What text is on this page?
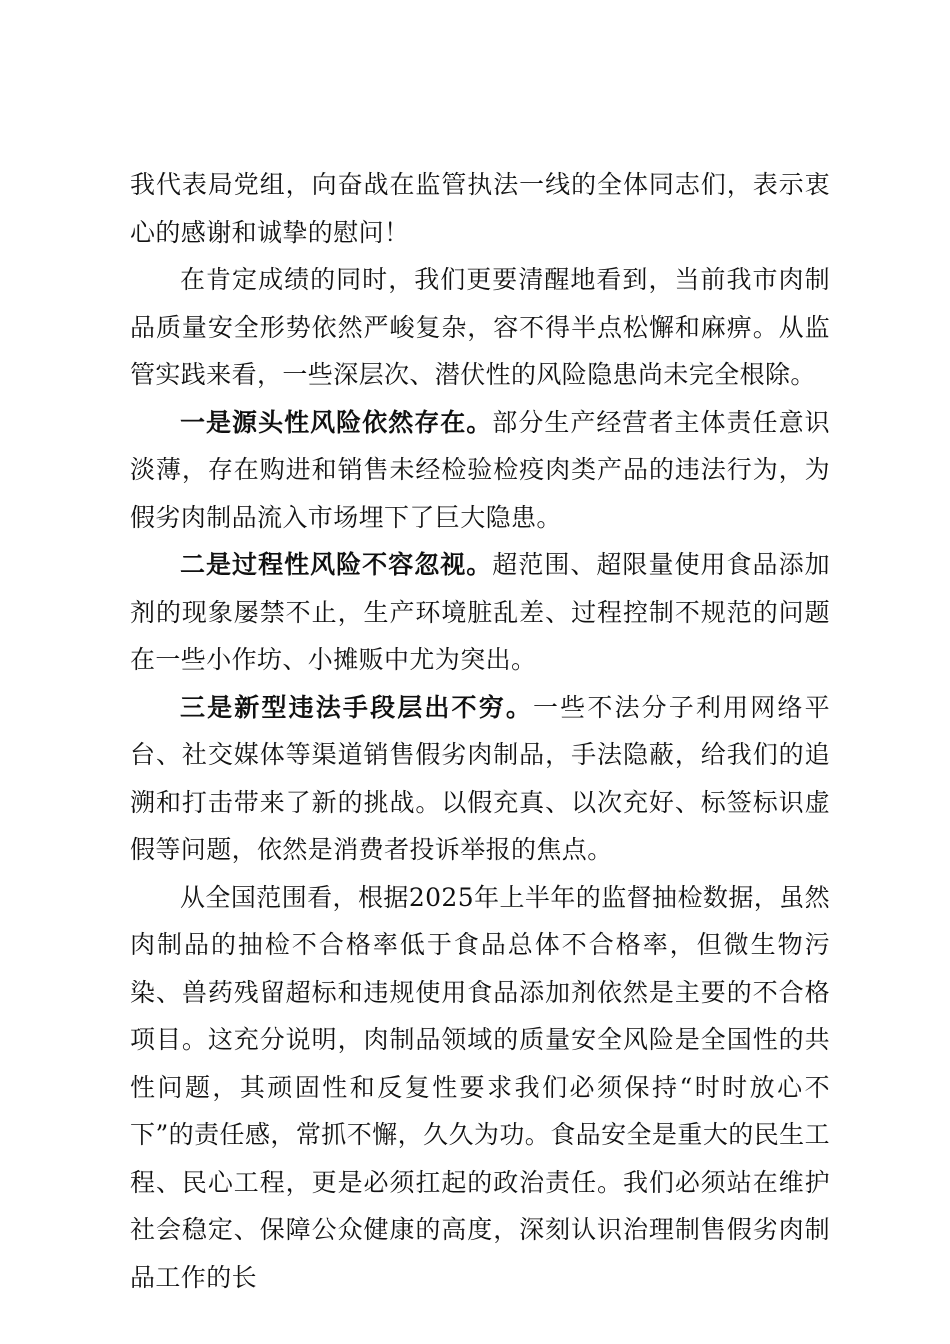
我代表局党组，向奋战在监管执法一线的全体同志们，表示衷心的感谢和诚挚的慰问！

在肯定成绩的同时，我们更要清醒地看到，当前我市肉制品质量安全形势依然严峻复杂，容不得半点松懈和麻痹。从监管实践来看，一些深层次、潜伏性的风险隐患尚未完全根除。

一是源头性风险依然存在。部分生产经营者主体责任意识淡薄，存在购进和销售未经检验检疫肉类产品的违法行为，为假劣肉制品流入市场埋下了巨大隐患。

二是过程性风险不容忽视。超范围、超限量使用食品添加剂的现象屡禁不止，生产环境脏乱差、过程控制不规范的问题在一些小作坊、小摊贩中尤为突出。

三是新型违法手段层出不穷。一些不法分子利用网络平台、社交媒体等渠道销售假劣肉制品，手法隐蔽，给我们的追溯和打击带来了新的挑战。以假充真、以次充好、标签标识虚假等问题，依然是消费者投诉举报的焦点。

从全国范围看，根据2025年上半年的监督抽检数据，虽然肉制品的抽检不合格率低于食品总体不合格率，但微生物污染、兽药残留超标和违规使用食品添加剂依然是主要的不合格项目。这充分说明，肉制品领域的质量安全风险是全国性的共性问题，其顽固性和反复性要求我们必须保持“时时放心不下”的责任感，常抓不懈，久久为功。食品安全是重大的民生工程、民心工程，更是必须扛起的政治责任。我们必须站在维护社会稳定、保障公众健康的高度，深刻认识治理制售假劣肉制品工作的长
